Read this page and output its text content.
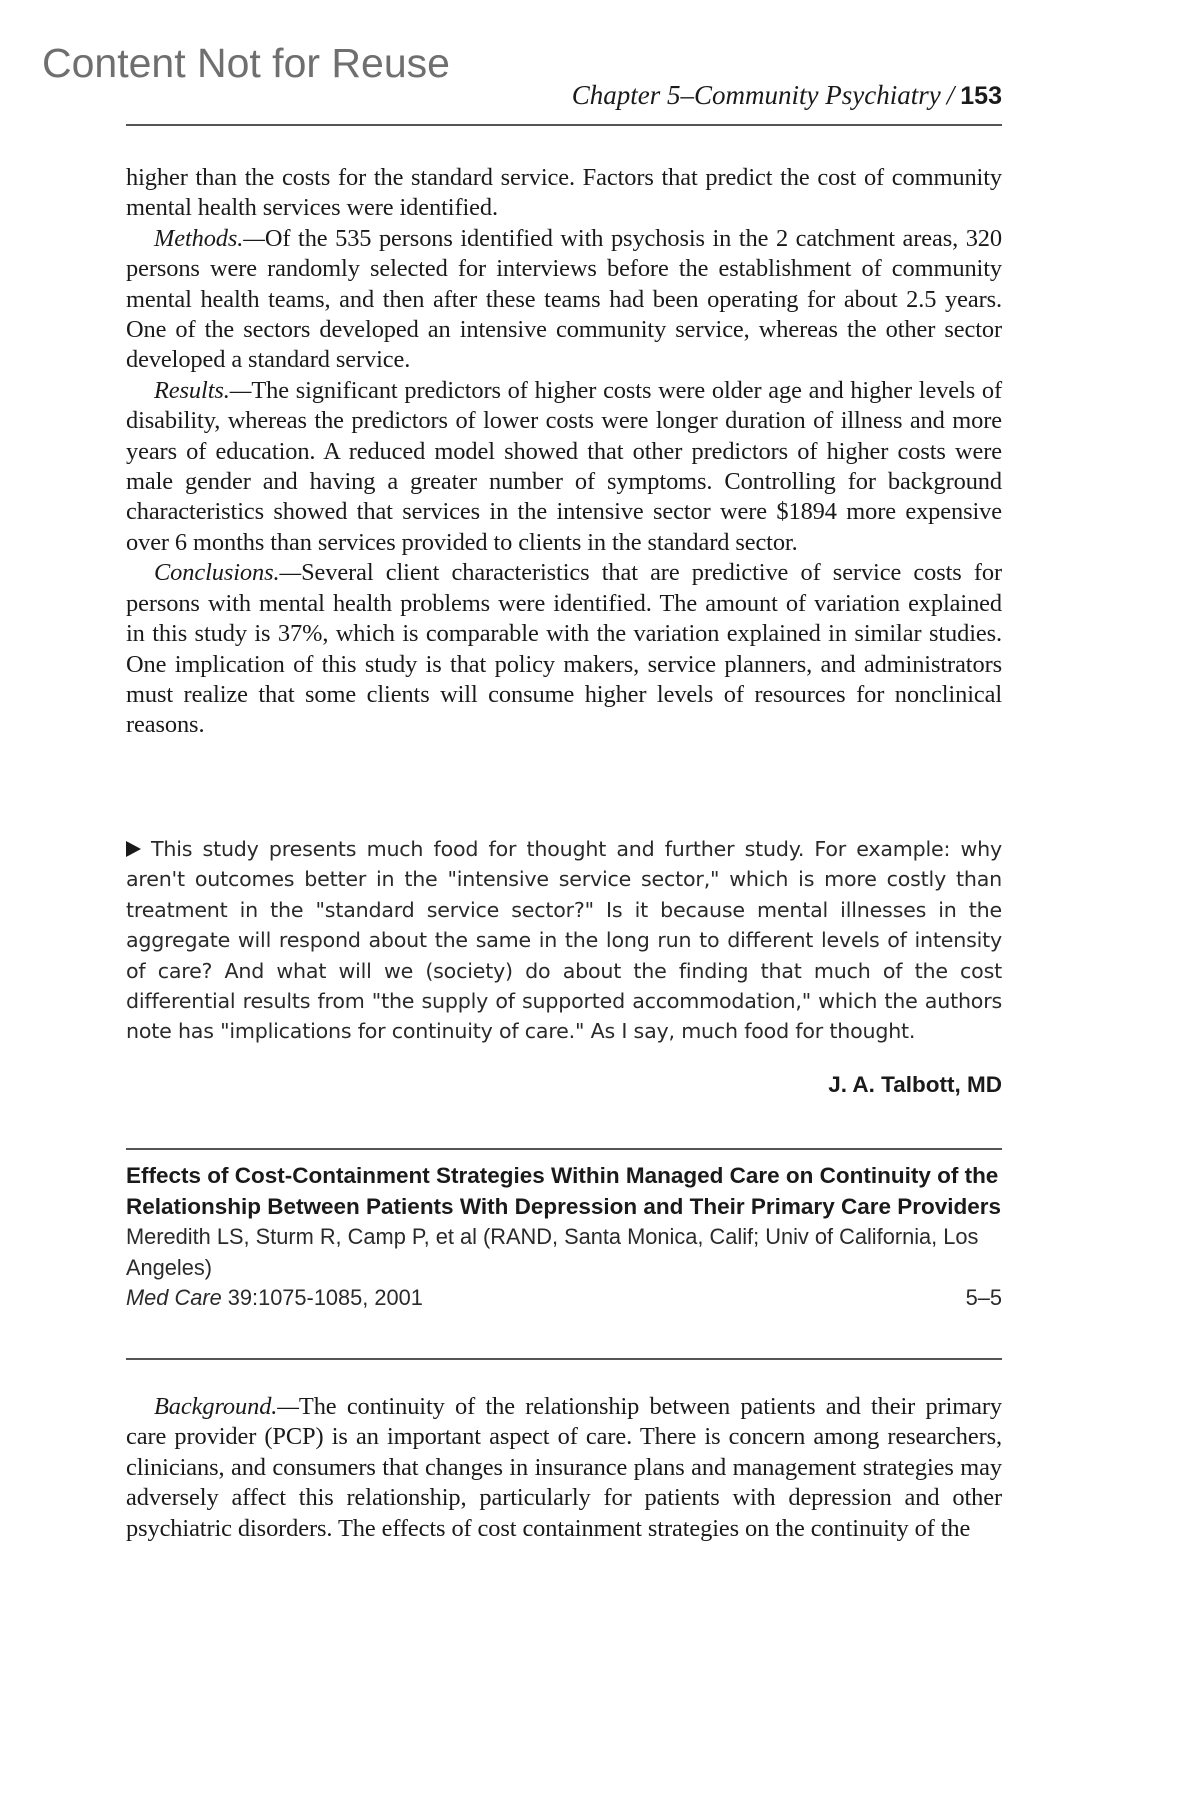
Content Not for Reuse
Chapter 5–Community Psychiatry / 153

higher than the costs for the standard service. Factors that predict the cost of community mental health services were identified.

Methods.—Of the 535 persons identified with psychosis in the 2 catchment areas, 320 persons were randomly selected for interviews before the establishment of community mental health teams, and then after these teams had been operating for about 2.5 years. One of the sectors developed an intensive community service, whereas the other sector developed a standard service.

Results.—The significant predictors of higher costs were older age and higher levels of disability, whereas the predictors of lower costs were longer duration of illness and more years of education. A reduced model showed that other predictors of higher costs were male gender and having a greater number of symptoms. Controlling for background characteristics showed that services in the intensive sector were $1894 more expensive over 6 months than services provided to clients in the standard sector.

Conclusions.—Several client characteristics that are predictive of service costs for persons with mental health problems were identified. The amount of variation explained in this study is 37%, which is comparable with the variation explained in similar studies. One implication of this study is that policy makers, service planners, and administrators must realize that some clients will consume higher levels of resources for nonclinical reasons.

This study presents much food for thought and further study. For example: why aren't outcomes better in the "intensive service sector," which is more costly than treatment in the "standard service sector?" Is it because mental illnesses in the aggregate will respond about the same in the long run to different levels of intensity of care? And what will we (society) do about the finding that much of the cost differential results from "the supply of supported accommodation," which the authors note has "implications for continuity of care." As I say, much food for thought.
J. A. Talbott, MD
Effects of Cost-Containment Strategies Within Managed Care on Continuity of the Relationship Between Patients With Depression and Their Primary Care Providers
Meredith LS, Sturm R, Camp P, et al (RAND, Santa Monica, Calif; Univ of California, Los Angeles)
Med Care 39:1075-1085, 2001	5–5

Background.—The continuity of the relationship between patients and their primary care provider (PCP) is an important aspect of care. There is concern among researchers, clinicians, and consumers that changes in insurance plans and management strategies may adversely affect this relationship, particularly for patients with depression and other psychiatric disorders. The effects of cost containment strategies on the continuity of the
